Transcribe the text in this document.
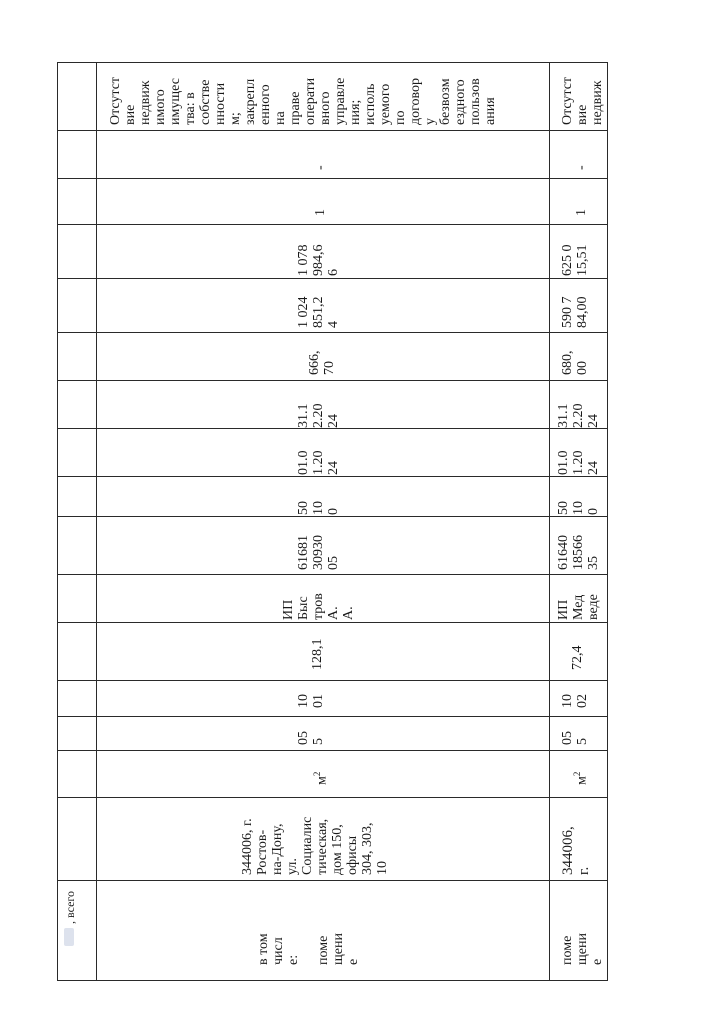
, всего
Отсутст
вие
недвиж
имого
имущес
тва: в
собстве
нности
м;
закрепл
енного
на
праве
операти
вного
управле
ния;
исполь
уемого
по
договор
у
безвозм
ездного
пользов
ания
-
1
1 078
984,6
6
1 024
851,2
4
666,
70
31.1
2.20
24
01.0
1.20
24
50
10
0
61681
30930
05
ИП
Быс
тров
А.
А.
128,1
10
01
05
5
$м^2$
344006, г.
Ростов-
на-Дону,
ул.
Социалис
тическая,
дом 150,
офисы
304, 303,
10
в том
числ
е:

поме
щени
е
Отсутст
вие
недвиж
-
1
625 0
15,51
590 7
84,00
680,
00
31.1
2.20
24
01.0
1.20
24
50
10
0
61640
18566
35
ИП
Мед
веде
72,4
10
02
05
5
$м^2$
344006,
г.
поме
щени
е
